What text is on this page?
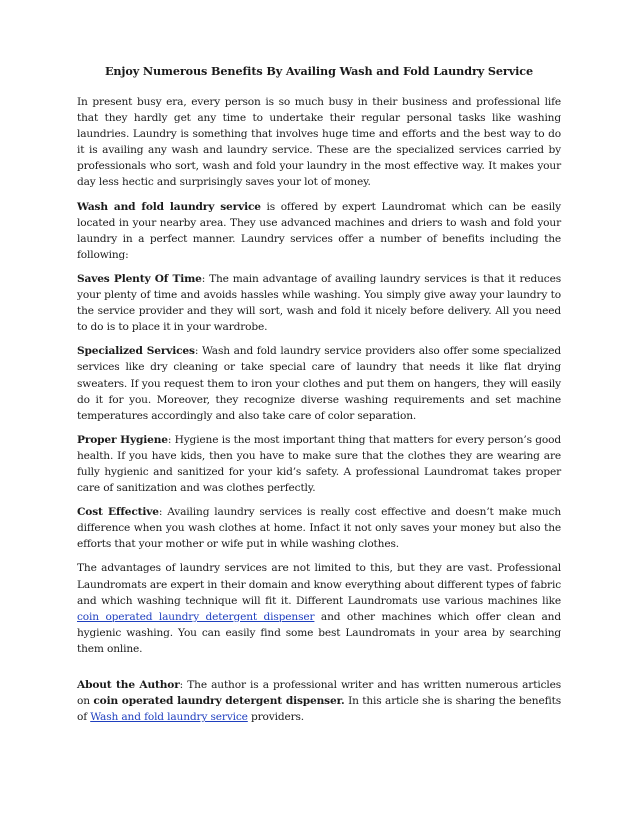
Enjoy Numerous Benefits By Availing Wash and Fold Laundry Service

In present busy era, every person is so much busy in their business and professional life that they hardly get any time to undertake their regular personal tasks like washing laundries. Laundry is something that involves huge time and efforts and the best way to do it is availing any wash and laundry service. These are the specialized services carried by professionals who sort, wash and fold your laundry in the most effective way. It makes your day less hectic and surprisingly saves your lot of money.

Wash and fold laundry service is offered by expert Laundromat which can be easily located in your nearby area. They use advanced machines and driers to wash and fold your laundry in a perfect manner. Laundry services offer a number of benefits including the following:

Saves Plenty Of Time: The main advantage of availing laundry services is that it reduces your plenty of time and avoids hassles while washing. You simply give away your laundry to the service provider and they will sort, wash and fold it nicely before delivery. All you need to do is to place it in your wardrobe.

Specialized Services: Wash and fold laundry service providers also offer some specialized services like dry cleaning or take special care of laundry that needs it like flat drying sweaters. If you request them to iron your clothes and put them on hangers, they will easily do it for you. Moreover, they recognize diverse washing requirements and set machine temperatures accordingly and also take care of color separation.

Proper Hygiene: Hygiene is the most important thing that matters for every person’s good health. If you have kids, then you have to make sure that the clothes they are wearing are fully hygienic and sanitized for your kid’s safety. A professional Laundromat takes proper care of sanitization and was clothes perfectly.

Cost Effective: Availing laundry services is really cost effective and doesn’t make much difference when you wash clothes at home. Infact it not only saves your money but also the efforts that your mother or wife put in while washing clothes.

The advantages of laundry services are not limited to this, but they are vast. Professional Laundromats are expert in their domain and know everything about different types of fabric and which washing technique will fit it. Different Laundromats use various machines like coin operated laundry detergent dispenser and other machines which offer clean and hygienic washing. You can easily find some best Laundromats in your area by searching them online.

About the Author: The author is a professional writer and has written numerous articles on coin operated laundry detergent dispenser. In this article she is sharing the benefits of Wash and fold laundry service providers.
